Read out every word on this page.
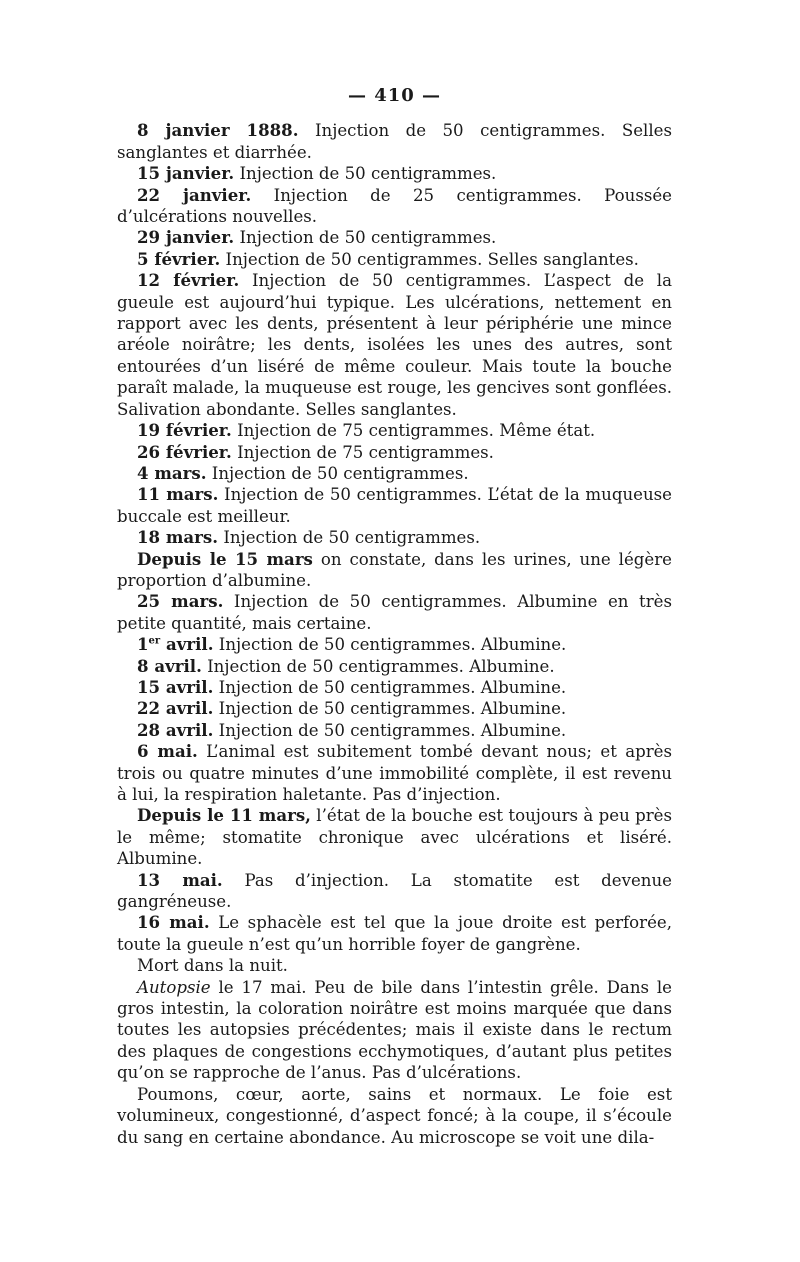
— 410 —

8 janvier 1888. Injection de 50 centigrammes. Selles sanglantes et diarrhée.

15 janvier. Injection de 50 centigrammes.

22 janvier. Injection de 25 centigrammes. Poussée d’ulcérations nouvelles.

29 janvier. Injection de 50 centigrammes.

5 février. Injection de 50 centigrammes. Selles sanglantes.

12 février. Injection de 50 centigrammes. L’aspect de la gueule est aujourd’hui typique. Les ulcérations, nettement en rapport avec les dents, présentent à leur périphérie une mince aréole noirâtre; les dents, isolées les unes des autres, sont entourées d’un liséré de même couleur. Mais toute la bouche paraît malade, la muqueuse est rouge, les gencives sont gonflées. Salivation abondante. Selles sanglantes.

19 février. Injection de 75 centigrammes. Même état.

26 février. Injection de 75 centigrammes.

4 mars. Injection de 50 centigrammes.

11 mars. Injection de 50 centigrammes. L’état de la muqueuse buccale est meilleur.

18 mars. Injection de 50 centigrammes.

Depuis le 15 mars on constate, dans les urines, une légère proportion d’albumine.

25 mars. Injection de 50 centigrammes. Albumine en très petite quantité, mais certaine.

1er avril. Injection de 50 centigrammes. Albumine.

8 avril. Injection de 50 centigrammes. Albumine.

15 avril. Injection de 50 centigrammes. Albumine.

22 avril. Injection de 50 centigrammes. Albumine.

28 avril. Injection de 50 centigrammes. Albumine.

6 mai. L’animal est subitement tombé devant nous; et après trois ou quatre minutes d’une immobilité complète, il est revenu à lui, la respiration haletante. Pas d’injection.

Depuis le 11 mars, l’état de la bouche est toujours à peu près le même; stomatite chronique avec ulcérations et liséré. Albumine.

13 mai. Pas d’injection. La stomatite est devenue gangréneuse.

16 mai. Le sphacèle est tel que la joue droite est perforée, toute la gueule n’est qu’un horrible foyer de gangrène.

Mort dans la nuit.

Autopsie le 17 mai. Peu de bile dans l’intestin grêle. Dans le gros intestin, la coloration noirâtre est moins marquée que dans toutes les autopsies précédentes; mais il existe dans le rectum des plaques de congestions ecchymotiques, d’autant plus petites qu’on se rapproche de l’anus. Pas d’ulcérations.

Poumons, cœur, aorte, sains et normaux. Le foie est volumineux, congestionné, d’aspect foncé; à la coupe, il s’écoule du sang en certaine abondance. Au microscope se voit une dila-
